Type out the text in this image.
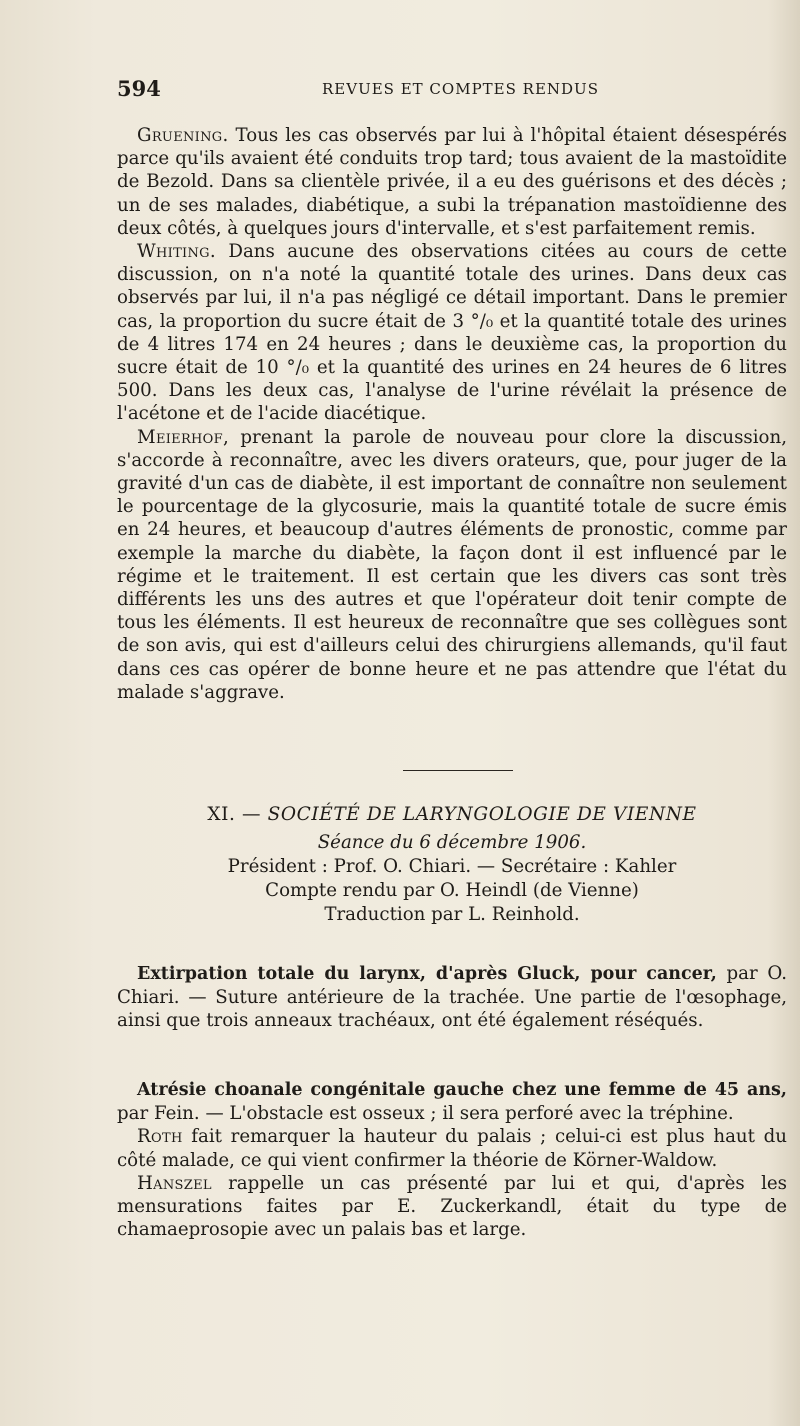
594	REVUES ET COMPTES RENDUS

Gruening. Tous les cas observés par lui à l'hôpital étaient désespérés parce qu'ils avaient été conduits trop tard; tous avaient de la mastoïdite de Bezold. Dans sa clientèle privée, il a eu des guérisons et des décès ; un de ses malades, diabétique, a subi la trépanation mastoïdienne des deux côtés, à quelques jours d'intervalle, et s'est parfaitement remis.

Whiting. Dans aucune des observations citées au cours de cette discussion, on n'a noté la quantité totale des urines. Dans deux cas observés par lui, il n'a pas négligé ce détail important. Dans le premier cas, la proportion du sucre était de 3 °/₀ et la quantité totale des urines de 4 litres 174 en 24 heures ; dans le deuxième cas, la proportion du sucre était de 10 °/₀ et la quantité des urines en 24 heures de 6 litres 500. Dans les deux cas, l'analyse de l'urine révélait la présence de l'acétone et de l'acide diacétique.

Meierhof, prenant la parole de nouveau pour clore la discussion, s'accorde à reconnaître, avec les divers orateurs, que, pour juger de la gravité d'un cas de diabète, il est important de connaître non seulement le pourcentage de la glycosurie, mais la quantité totale de sucre émis en 24 heures, et beaucoup d'autres éléments de pronostic, comme par exemple la marche du diabète, la façon dont il est influencé par le régime et le traitement. Il est certain que les divers cas sont très différents les uns des autres et que l'opérateur doit tenir compte de tous les éléments. Il est heureux de reconnaître que ses collègues sont de son avis, qui est d'ailleurs celui des chirurgiens allemands, qu'il faut dans ces cas opérer de bonne heure et ne pas attendre que l'état du malade s'aggrave.

XI. — SOCIÉTÉ DE LARYNGOLOGIE DE VIENNE
Séance du 6 décembre 1906.
Président : Prof. O. Chiari. — Secrétaire : Kahler
Compte rendu par O. Heindl (de Vienne)
Traduction par L. Reinhold.

Extirpation totale du larynx, d'après Gluck, pour cancer, par O. Chiari. — Suture antérieure de la trachée. Une partie de l'œsophage, ainsi que trois anneaux trachéaux, ont été également réséqués.

Atrésie choanale congénitale gauche chez une femme de 45 ans, par Fein. — L'obstacle est osseux ; il sera perforé avec la tréphine.

Roth fait remarquer la hauteur du palais ; celui-ci est plus haut du côté malade, ce qui vient confirmer la théorie de Körner-Waldow.

Hanszel rappelle un cas présenté par lui et qui, d'après les mensurations faites par E. Zuckerkandl, était du type de chamaeprosopie avec un palais bas et large.
